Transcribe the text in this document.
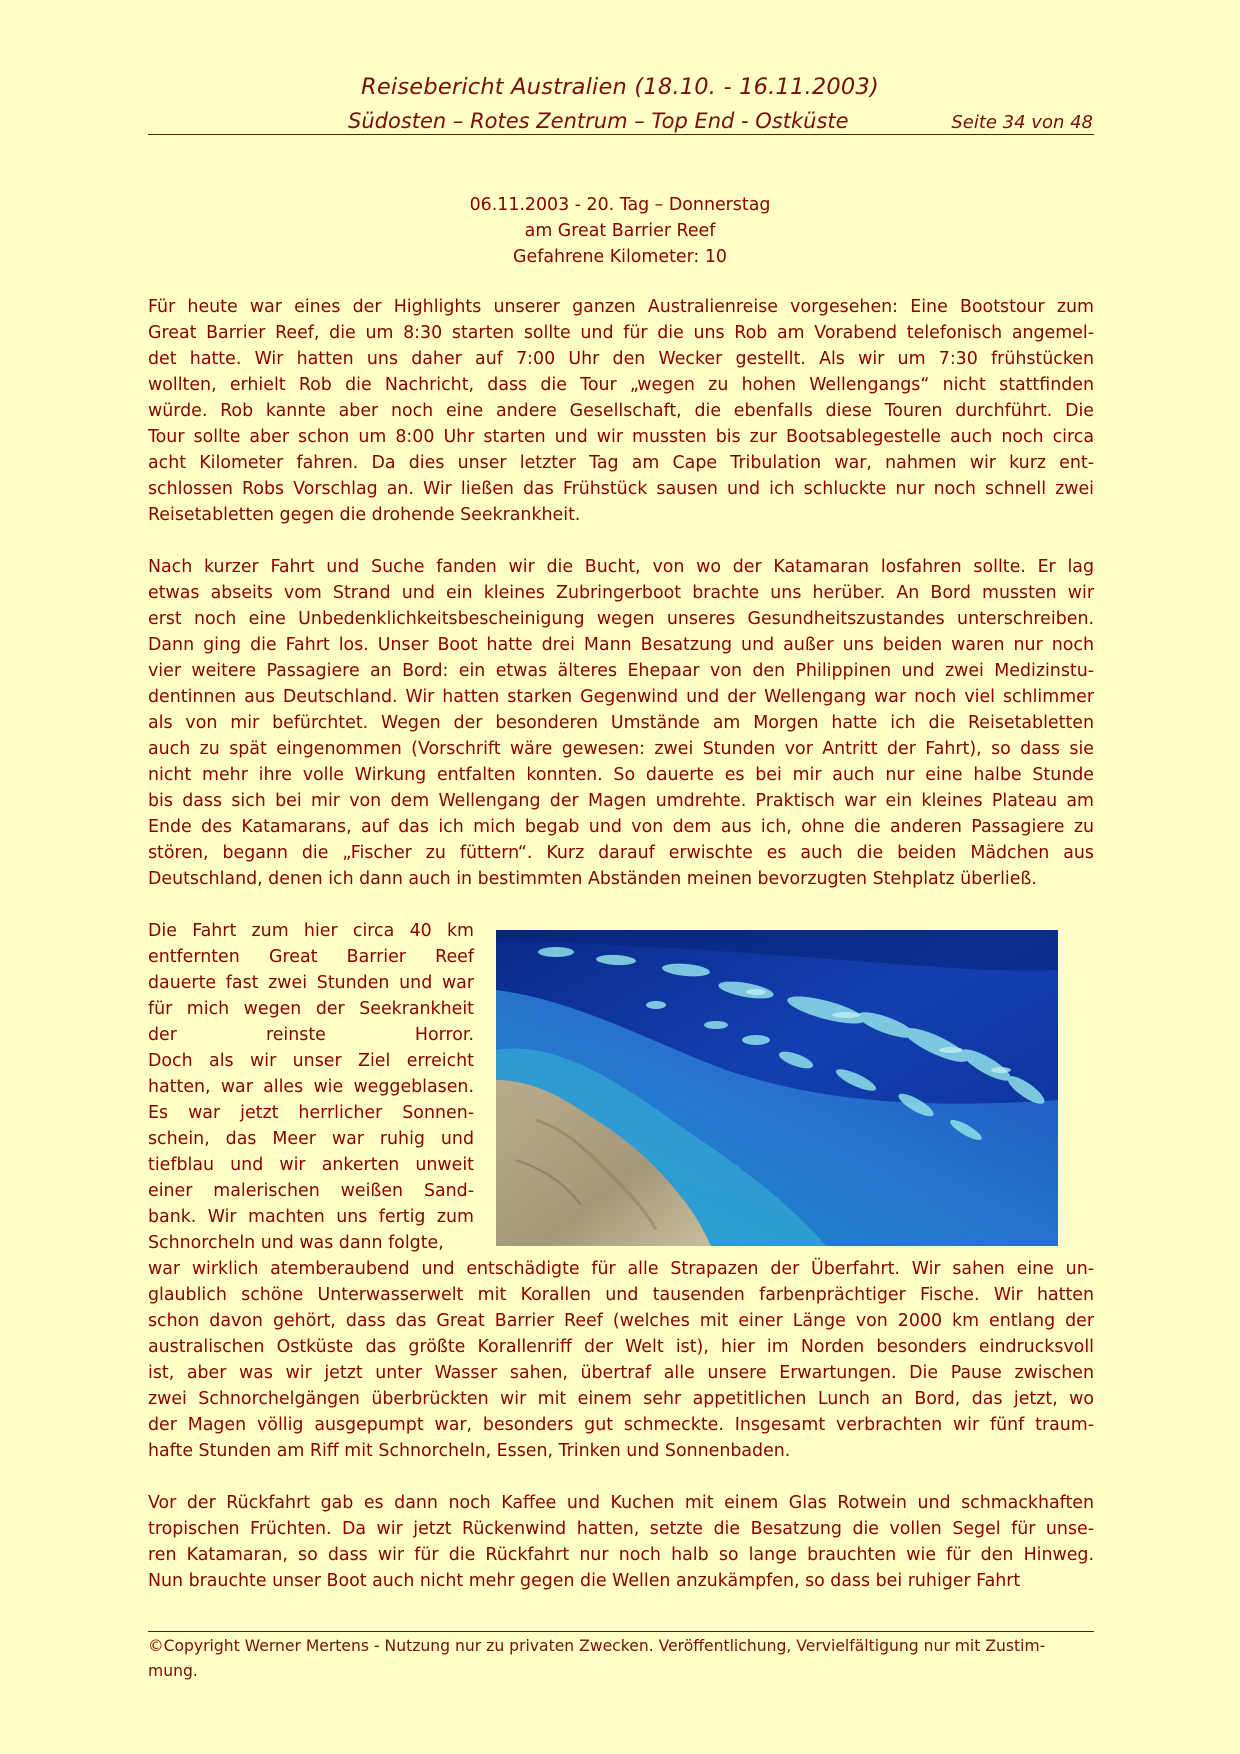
Reisebericht Australien (18.10. - 16.11.2003)
Südosten – Rotes Zentrum – Top End - Ostküste	Seite 34 von 48
06.11.2003 - 20. Tag – Donnerstag
am Great Barrier Reef
Gefahrene Kilometer: 10
Für heute war eines der Highlights unserer ganzen Australienreise vorgesehen: Eine Bootstour zum
Great Barrier Reef, die um 8:30 starten sollte und für die uns Rob am Vorabend telefonisch angemel-
det hatte. Wir hatten uns daher auf 7:00 Uhr den Wecker gestellt. Als wir um 7:30 frühstücken
wollten, erhielt Rob die Nachricht, dass die Tour „wegen zu hohen Wellengangs“ nicht stattfinden
würde. Rob kannte aber noch eine andere Gesellschaft, die ebenfalls diese Touren durchführt. Die
Tour sollte aber schon um 8:00 Uhr starten und wir mussten bis zur Bootsablegestelle auch noch circa
acht Kilometer fahren. Da dies unser letzter Tag am Cape Tribulation war, nahmen wir kurz ent-
schlossen Robs Vorschlag an. Wir ließen das Frühstück sausen und ich schluckte nur noch schnell zwei
Reisetabletten gegen die drohende Seekrankheit.
Nach kurzer Fahrt und Suche fanden wir die Bucht, von wo der Katamaran losfahren sollte. Er lag
etwas abseits vom Strand und ein kleines Zubringerboot brachte uns herüber. An Bord mussten wir
erst noch eine Unbedenklichkeitsbescheinigung wegen unseres Gesundheitszustandes unterschreiben.
Dann ging die Fahrt los. Unser Boot hatte drei Mann Besatzung und außer uns beiden waren nur noch
vier weitere Passagiere an Bord: ein etwas älteres Ehepaar von den Philippinen und zwei Medizinstu-
dentinnen aus Deutschland. Wir hatten starken Gegenwind und der Wellengang war noch viel schlimmer
als von mir befürchtet. Wegen der besonderen Umstände am Morgen hatte ich die Reisetabletten
auch zu spät eingenommen (Vorschrift wäre gewesen: zwei Stunden vor Antritt der Fahrt), so dass sie
nicht mehr ihre volle Wirkung entfalten konnten. So dauerte es bei mir auch nur eine halbe Stunde
bis dass sich bei mir von dem Wellengang der Magen umdrehte. Praktisch war ein kleines Plateau am
Ende des Katamarans, auf das ich mich begab und von dem aus ich, ohne die anderen Passagiere zu
stören, begann die „Fischer zu füttern“. Kurz darauf erwischte es auch die beiden Mädchen aus
Deutschland, denen ich dann auch in bestimmten Abständen meinen bevorzugten Stehplatz überließ.
Die Fahrt zum hier circa 40 km
entfernten Great Barrier Reef
dauerte fast zwei Stunden und war
für mich wegen der Seekrankheit
der reinste Horror.
Doch als wir unser Ziel erreicht
hatten, war alles wie weggeblasen.
Es war jetzt herrlicher Sonnen-
schein, das Meer war ruhig und
tiefblau und wir ankerten unweit
einer malerischen weißen Sand-
bank. Wir machten uns fertig zum
Schnorcheln und was dann folgte,
war wirklich atemberaubend und entschädigte für alle Strapazen der Überfahrt. Wir sahen eine un-
glaublich schöne Unterwasserwelt mit Korallen und tausenden farbenprächtiger Fische. Wir hatten
schon davon gehört, dass das Great Barrier Reef (welches mit einer Länge von 2000 km entlang der
australischen Ostküste das größte Korallenriff der Welt ist), hier im Norden besonders eindrucksvoll
ist, aber was wir jetzt unter Wasser sahen, übertraf alle unsere Erwartungen. Die Pause zwischen
zwei Schnorchelgängen überbrückten wir mit einem sehr appetitlichen Lunch an Bord, das jetzt, wo
der Magen völlig ausgepumpt war, besonders gut schmeckte. Insgesamt verbrachten wir fünf traum-
hafte Stunden am Riff mit Schnorcheln, Essen, Trinken und Sonnenbaden.
Vor der Rückfahrt gab es dann noch Kaffee und Kuchen mit einem Glas Rotwein und schmackhaften
tropischen Früchten. Da wir jetzt Rückenwind hatten, setzte die Besatzung die vollen Segel für unse-
ren Katamaran, so dass wir für die Rückfahrt nur noch halb so lange brauchten wie für den Hinweg.
Nun brauchte unser Boot auch nicht mehr gegen die Wellen anzukämpfen, so dass bei ruhiger Fahrt
©Copyright Werner Mertens - Nutzung nur zu privaten Zwecken. Veröffentlichung, Vervielfältigung nur mit Zustim-
mung.
